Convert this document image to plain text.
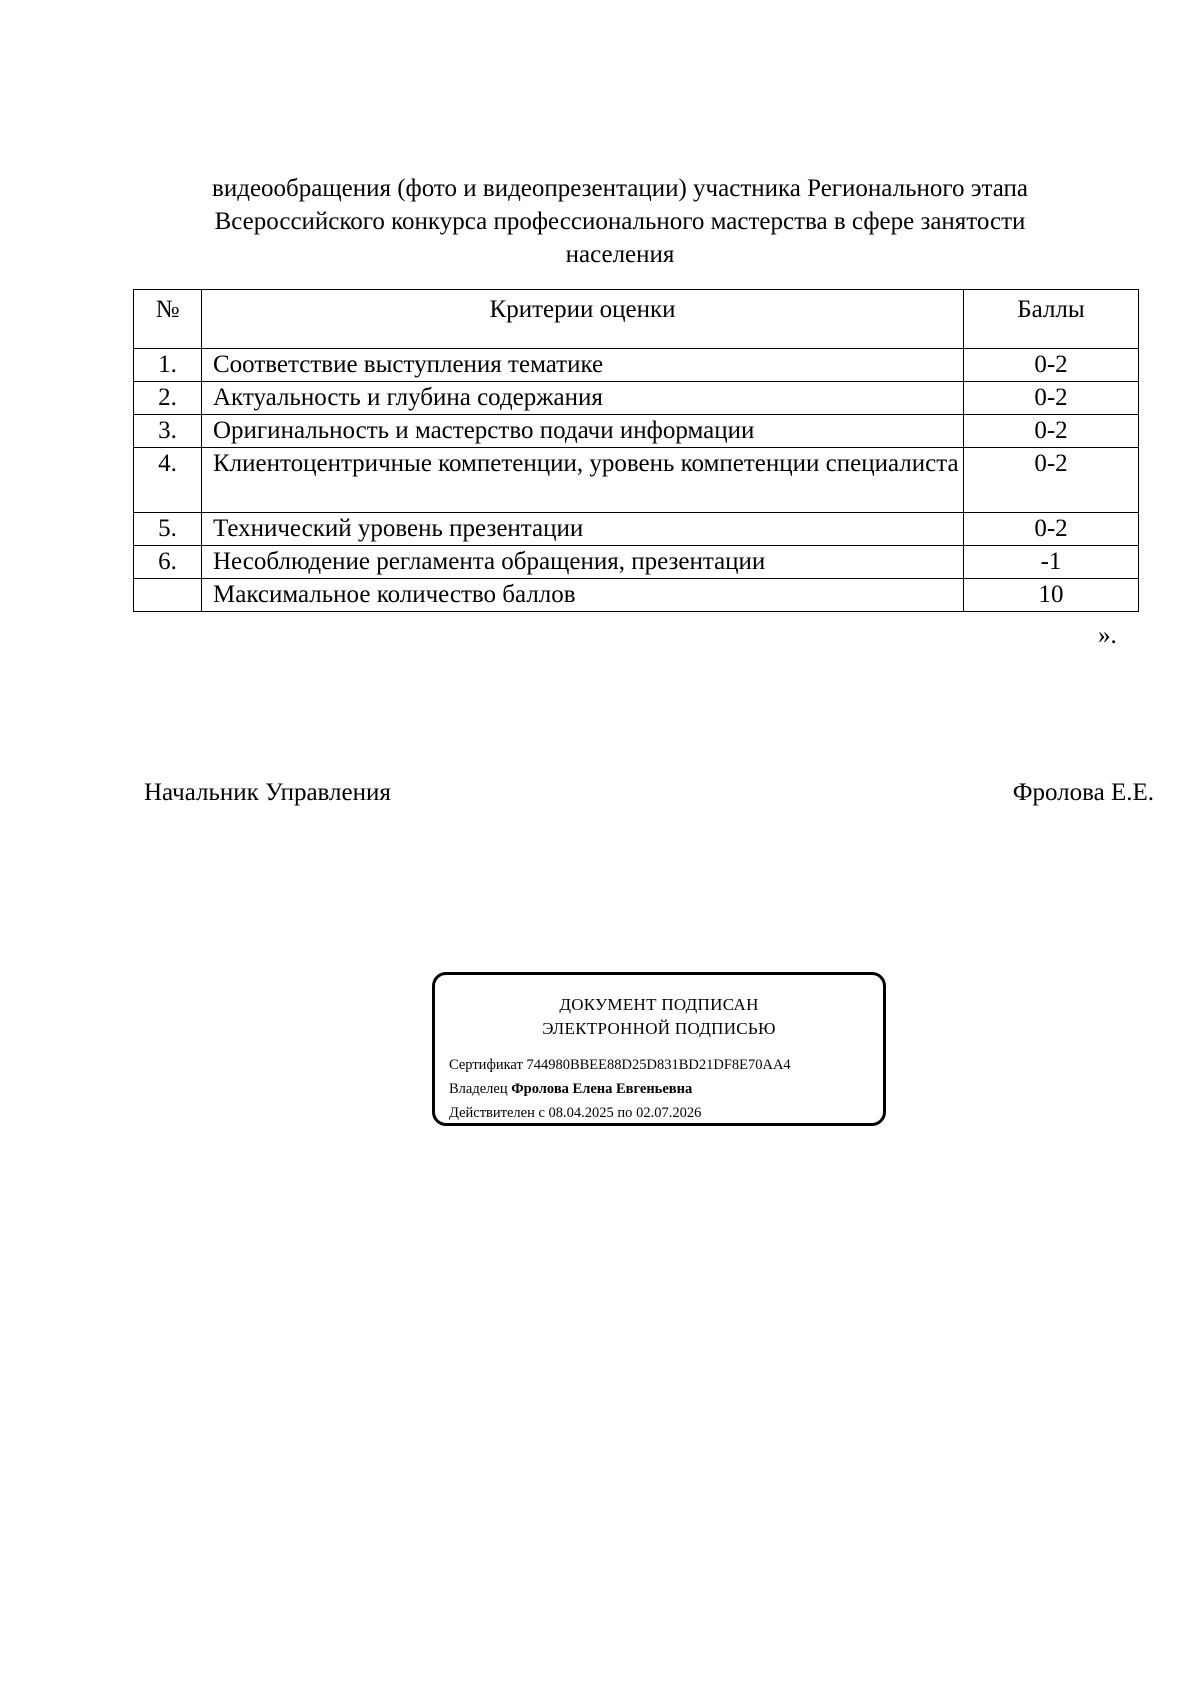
видеообращения (фото и видеопрезентации) участника Регионального этапа
Всероссийского конкурса профессионального мастерства в сфере занятости
населения
№	Критерии оценки	Баллы
1.	Соответствие выступления тематике	0-2
2.	Актуальность и глубина содержания	0-2
3.	Оригинальность и мастерство подачи информации	0-2
4.	Клиентоцентричные компетенции, уровень компетенции специалиста	0-2
5.	Технический уровень презентации	0-2
6.	Несоблюдение регламента обращения, презентации	-1
	Максимальное количество баллов	10
».
Начальник Управления	Фролова Е.Е.
ДОКУМЕНТ ПОДПИСАН
ЭЛЕКТРОННОЙ ПОДПИСЬЮ
Сертификат 744980BBEE88D25D831BD21DF8E70AA4
Владелец Фролова Елена Евгеньевна
Действителен с 08.04.2025 по 02.07.2026
